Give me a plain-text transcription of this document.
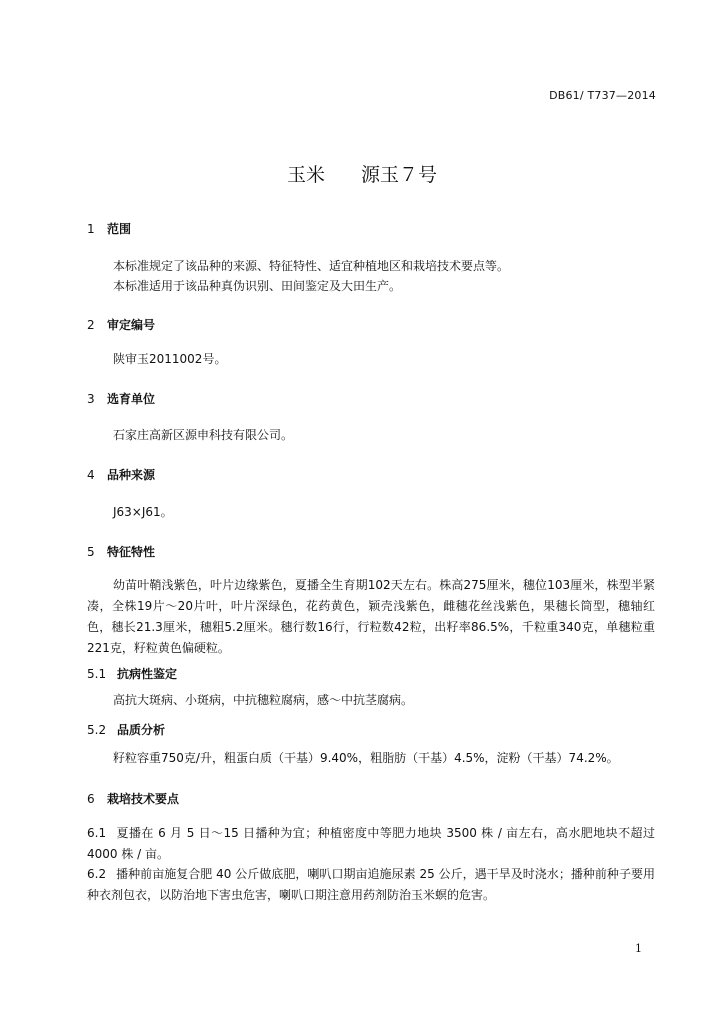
DB61/ T737—2014
玉米 源玉７号
1 范围
本标准规定了该品种的来源、特征特性、适宜种植地区和栽培技术要点等。
本标准适用于该品种真伪识别、田间鉴定及大田生产。
2 审定编号
陕审玉2011002号。
3 选育单位
石家庄高新区源申科技有限公司。
4 品种来源
J63×J61。
5 特征特性
幼苗叶鞘浅紫色，叶片边缘紫色，夏播全生育期102天左右。株高275厘米，穗位103厘米，株型半紧凑，全株19片～20片叶，叶片深绿色，花药黄色，颖壳浅紫色，雌穗花丝浅紫色，果穗长筒型，穗轴红色，穗长21.3厘米，穗粗5.2厘米。穗行数16行，行粒数42粒，出籽率86.5%，千粒重340克，单穗粒重221克，籽粒黄色偏硬粒。
5.1 抗病性鉴定
高抗大斑病、小斑病，中抗穗粒腐病，感～中抗茎腐病。
5.2 品质分析
籽粒容重750克/升，粗蛋白质（干基）9.40%，粗脂肪（干基）4.5%，淀粉（干基）74.2%。
6 栽培技术要点
6.1 夏播在 6 月 5 日～15 日播种为宜；种植密度中等肥力地块 3500 株 / 亩左右，高水肥地块不超过 4000 株 / 亩。
6.2 播种前亩施复合肥 40 公斤做底肥，喇叭口期亩追施尿素 25 公斤，遇干旱及时浇水；播种前种子要用种衣剂包衣，以防治地下害虫危害，喇叭口期注意用药剂防治玉米螟的危害。
1
